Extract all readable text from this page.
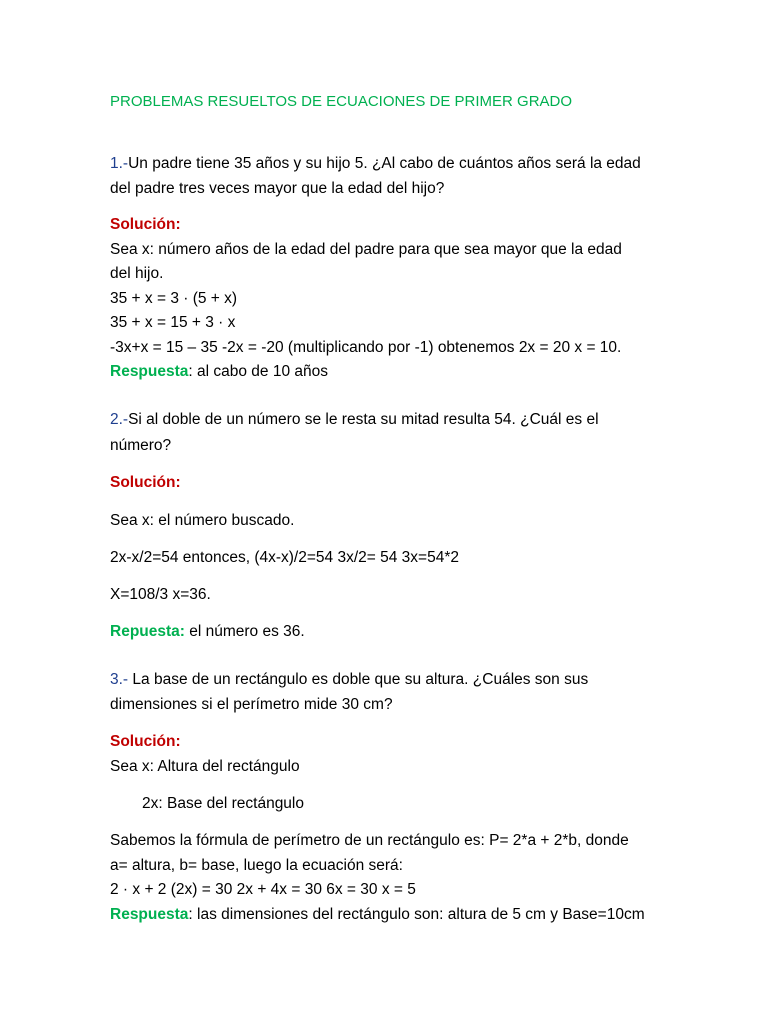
PROBLEMAS RESUELTOS DE ECUACIONES DE PRIMER GRADO
1.-Un padre tiene 35 años y su hijo 5. ¿Al cabo de cuántos años será la edad
del padre tres veces mayor que la edad del hijo?
Solución:
Sea x: número años de la edad del padre para que sea mayor que la edad
del hijo.
35 + x = 3 · (5 + x)
35 + x = 15 + 3 · x
-3x+x = 15 – 35 -2x = -20 (multiplicando por -1) obtenemos 2x = 20 x = 10.
Respuesta: al cabo de 10 años
2.-Si al doble de un número se le resta su mitad resulta 54. ¿Cuál es el
número?
Solución:
Sea x: el número buscado.
2x-x/2=54 entonces, (4x-x)/2=54 3x/2= 54 3x=54*2
X=108/3 x=36.
Repuesta: el número es 36.
3.- La base de un rectángulo es doble que su altura. ¿Cuáles son sus
dimensiones si el perímetro mide 30 cm?
Solución:
Sea x: Altura del rectángulo
2x: Base del rectángulo
Sabemos la fórmula de perímetro de un rectángulo es: P= 2*a + 2*b, donde
a= altura, b= base, luego la ecuación será:
2 · x + 2 (2x) = 30 2x + 4x = 30 6x = 30 x = 5
Respuesta: las dimensiones del rectángulo son: altura de 5 cm y Base=10cm
